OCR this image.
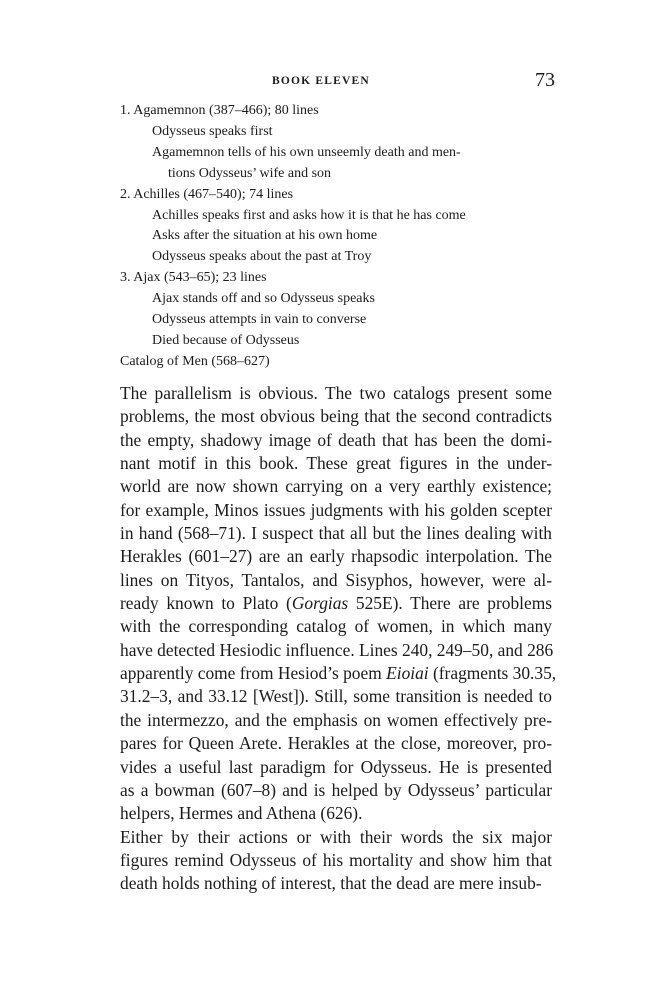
BOOK ELEVEN	73
1. Agamemnon (387–466); 80 lines
Odysseus speaks first
Agamemnon tells of his own unseemly death and men-
tions Odysseus’ wife and son
2. Achilles (467–540); 74 lines
Achilles speaks first and asks how it is that he has come
Asks after the situation at his own home
Odysseus speaks about the past at Troy
3. Ajax (543–65); 23 lines
Ajax stands off and so Odysseus speaks
Odysseus attempts in vain to converse
Died because of Odysseus
Catalog of Men (568–627)
The parallelism is obvious. The two catalogs present some
problems, the most obvious being that the second contradicts
the empty, shadowy image of death that has been the domi-
nant motif in this book. These great figures in the under-
world are now shown carrying on a very earthly existence;
for example, Minos issues judgments with his golden scepter
in hand (568–71). I suspect that all but the lines dealing with
Herakles (601–27) are an early rhapsodic interpolation. The
lines on Tityos, Tantalos, and Sisyphos, however, were al-
ready known to Plato (Gorgias 525E). There are problems
with the corresponding catalog of women, in which many
have detected Hesiodic influence. Lines 240, 249–50, and 286
apparently come from Hesiod’s poem Eioiai (fragments 30.35,
31.2–3, and 33.12 [West]). Still, some transition is needed to
the intermezzo, and the emphasis on women effectively pre-
pares for Queen Arete. Herakles at the close, moreover, pro-
vides a useful last paradigm for Odysseus. He is presented
as a bowman (607–8) and is helped by Odysseus’ particular
helpers, Hermes and Athena (626).
Either by their actions or with their words the six major
figures remind Odysseus of his mortality and show him that
death holds nothing of interest, that the dead are mere insub-
